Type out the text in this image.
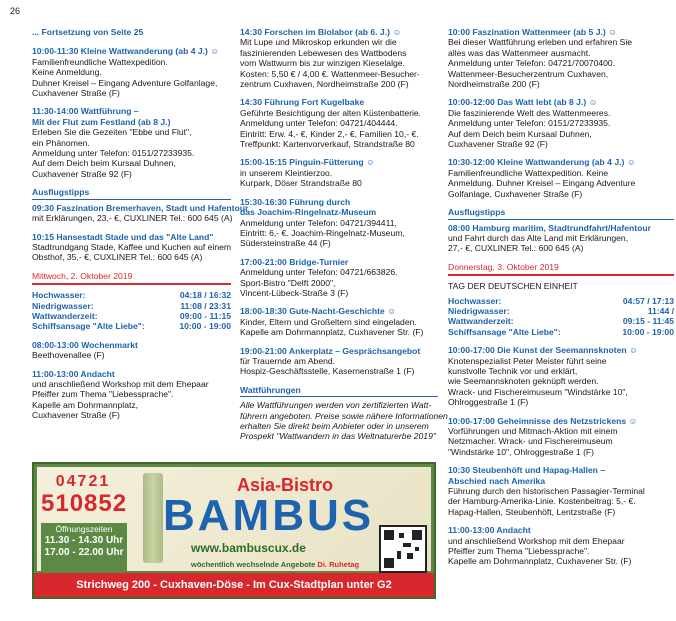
26
... Fortsetzung von Seite 25
10:00-11:30 Kleine Wattwanderung (ab 4 J.) ☺
Familienfreundliche Wattexpedition.
Keine Anmeldung.
Duhner Kreisel – Eingang Adventure Golfanlage,
Cuxhavener Straße (F)
11:30-14:00 Wattführung –
Mit der Flut zum Festland (ab 8 J.)
Erleben Sie die Gezeiten "Ebbe und Flut",
ein Phänomen.
Anmeldung unter Telefon: 0151/27233935.
Auf dem Deich beim Kursaal Duhnen,
Cuxhavener Straße 92 (F)
Ausflugstipps
09:30 Faszination Bremerhaven, Stadt und Hafentour
mit Erklärungen, 23,- €, CUXLINER Tel.: 600 645 (A)
10:15 Hansestadt Stade und das "Alte Land"
Stadtrundgang Stade, Kaffee und Kuchen auf einem
Obsthof, 35,- €, CUXLINER Tel.: 600 645 (A)
Mittwoch, 2. Oktober 2019
Hochwasser:	04:18 / 16:32
Niedrigwasser:	11:08 / 23:31
Wattwanderzeit:	09:00 - 11:15
Schiffsansage "Alte Liebe":	10:00 - 19:00
08:00-13:00 Wochenmarkt
Beethovenallee (F)
11:00-13:00 Andacht
und anschließend Workshop mit dem Ehepaar
Pfeiffer zum Thema "Liebessprache".
Kapelle am Dohrmannplatz,
Cuxhavener Straße (F)
14:30 Forschen im Biolabor (ab 6. J.) ☺
Mit Lupe und Mikroskop erkunden wir die
faszinierenden Lebewesen des Wattbodens
vom Wattwurm bis zur winzigen Kieselalge.
Kosten: 5,50 € / 4,00 €. Wattenmeer-Besucher-
zentrum Cuxhaven, Nordheimstraße 200 (F)
14:30 Führung Fort Kugelbake
Geführte Besichtigung der alten Küstenbatterie.
Anmeldung unter Telefon: 04721/404444.
Eintritt: Erw. 4,- €, Kinder 2,- €, Familien 10,- €.
Treffpunkt: Kartenvorverkauf, Strandstraße 80
15:00-15:15 Pinguin-Fütterung ☺
in unserem Kleintierzoo.
Kurpark, Döser Strandstraße 80
15:30-16:30 Führung durch
das Joachim-Ringelnatz-Museum
Anmeldung unter Telefon: 04721/394411,
Eintritt: 6,- €. Joachim-Ringelnatz-Museum,
Südersteinstraße 44 (F)
17:00-21:00 Bridge-Turnier
Anmeldung unter Telefon: 04721/663826.
Sport-Bistro "Delft 2000",
Vincent-Lübeck-Straße 3 (F)
18:00-18:30 Gute-Nacht-Geschichte ☺
Kinder, Eltern und Großeltern sind eingeladen.
Kapelle am Dohrmannplatz, Cuxhavener Str. (F)
19:00-21:00 Ankerplatz – Gesprächsangebot
für Trauernde am Abend.
Hospiz-Geschäftsstelle, Kasernenstraße 1 (F)
Wattführungen
Alle Wattführungen werden von zertifizierten Watt-
führern angeboten. Preise sowie nähere Informationen
erhalten Sie direkt beim Anbieter oder in unserem
Prospekt "Wattwandern in das Weltnaturerbe 2019"
10:00 Faszination Wattenmeer (ab 5 J.) ☺
Bei dieser Wattführung erleben und erfahren Sie
alles was das Wattenmeer ausmacht.
Anmeldung unter Telefon: 04721/70070400.
Wattenmeer-Besucherzentrum Cuxhaven,
Nordheimstraße 200 (F)
10:00-12:00 Das Watt lebt (ab 8 J.) ☺
Die faszinierende Welt des Wattenmeeres.
Anmeldung unter Telefon: 0151/27233935.
Auf dem Deich beim Kursaal Duhnen,
Cuxhavener Straße 92 (F)
10:30-12:00 Kleine Wattwanderung (ab 4 J.) ☺
Familienfreundliche Wattexpedition. Keine
Anmeldung. Duhner Kreisel – Eingang Adventure
Golfanlage, Cuxhavener Straße (F)
Ausflugstipps
08:00 Hamburg maritim, Stadtrundfahrt/Hafentour
und Fahrt durch das Alte Land mit Erklärungen,
27,- €, CUXLINER Tel.: 600 645 (A)
Donnerstag, 3. Oktober 2019
TAG DER DEUTSCHEN EINHEIT
Hochwasser:	04:57 / 17:13
Niedrigwasser:	11:44 /
Wattwanderzeit:	09:15 - 11:45
Schiffsansage "Alte Liebe":	10:00 - 19:00
10:00-17:00 Die Kunst der Seemannsknoten ☺
Knotenspezialist Peter Meister führt seine
kunstvolle Technik vor und erklärt,
wie Seemannsknoten geknüpft werden.
Wrack- und Fischereimuseum "Windstärke 10",
Ohlroggestraße 1 (F)
10:00-17:00 Geheimnisse des Netzstrickens ☺
Vorführungen und Mitmach-Aktion mit einem
Netzmacher. Wrack- und Fischereimuseum
"Windstärke 10", Ohlroggestraße 1 (F)
10:30 Steubenhöft und Hapag-Hallen –
Abschied nach Amerika
Führung durch den historischen Passagier-Terminal
der Hamburg-Amerika-Linie. Kostenbeitrag: 5,- €.
Hapag-Hallen, Steubenhöft, Lentzstraße (F)
11:00-13:00 Andacht
und anschließend Workshop mit dem Ehepaar
Pfeiffer zum Thema "Liebessprache".
Kapelle am Dohrmannplatz, Cuxhavener Str. (F)
04721
510852
Öffnungszeiten
11.30 - 14.30 Uhr
17.00 - 22.00 Uhr
Asia-Bistro
BAMBUS
www.bambuscux.de
wöchentlich wechselnde Angebote Di. Ruhetag
Strichweg 200 - Cuxhaven-Döse - Im Cux-Stadtplan unter G2
